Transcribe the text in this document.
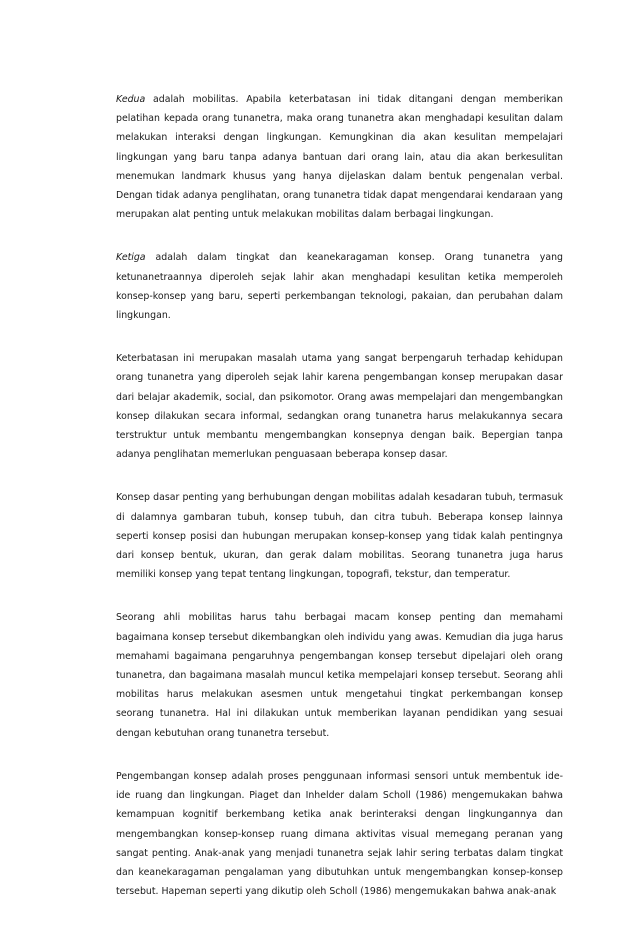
Kedua adalah mobilitas. Apabila keterbatasan ini tidak ditangani dengan memberikan pelatihan kepada orang tunanetra, maka orang tunanetra akan menghadapi kesulitan dalam melakukan interaksi dengan lingkungan. Kemungkinan dia akan kesulitan mempelajari lingkungan yang baru tanpa adanya bantuan dari orang lain, atau dia akan berkesulitan menemukan landmark khusus yang hanya dijelaskan dalam bentuk pengenalan verbal. Dengan tidak adanya penglihatan, orang tunanetra tidak dapat mengendarai kendaraan yang merupakan alat penting untuk melakukan mobilitas dalam berbagai lingkungan.

Ketiga adalah dalam tingkat dan keanekaragaman konsep. Orang tunanetra yang ketunanetraannya diperoleh sejak lahir akan menghadapi kesulitan ketika memperoleh konsep-konsep yang baru, seperti perkembangan teknologi, pakaian, dan perubahan dalam lingkungan.

Keterbatasan ini merupakan masalah utama yang sangat berpengaruh terhadap kehidupan orang tunanetra yang diperoleh sejak lahir karena pengembangan konsep merupakan dasar dari belajar akademik, social, dan psikomotor. Orang awas mempelajari dan mengembangkan konsep dilakukan secara informal, sedangkan orang tunanetra harus melakukannya secara terstruktur untuk membantu mengembangkan konsepnya dengan baik. Bepergian tanpa adanya penglihatan memerlukan penguasaan beberapa konsep dasar.

Konsep dasar penting yang berhubungan dengan mobilitas adalah kesadaran tubuh, termasuk di dalamnya gambaran tubuh, konsep tubuh, dan citra tubuh. Beberapa konsep lainnya seperti konsep posisi dan hubungan merupakan konsep-konsep yang tidak kalah pentingnya dari konsep bentuk, ukuran, dan gerak dalam mobilitas. Seorang tunanetra juga harus memiliki konsep yang tepat tentang lingkungan, topografi, tekstur, dan temperatur.

Seorang ahli mobilitas harus tahu berbagai macam konsep penting dan memahami bagaimana konsep tersebut dikembangkan oleh individu yang awas. Kemudian dia juga harus memahami bagaimana pengaruhnya pengembangan konsep tersebut dipelajari oleh orang tunanetra, dan bagaimana masalah muncul ketika mempelajari konsep tersebut. Seorang ahli mobilitas harus melakukan asesmen untuk mengetahui tingkat perkembangan konsep seorang tunanetra. Hal ini dilakukan untuk memberikan layanan pendidikan yang sesuai dengan kebutuhan orang tunanetra tersebut.

Pengembangan konsep adalah proses penggunaan informasi sensori untuk membentuk ide-ide ruang dan lingkungan. Piaget dan Inhelder dalam Scholl (1986) mengemukakan bahwa kemampuan kognitif berkembang ketika anak berinteraksi dengan lingkungannya dan mengembangkan konsep-konsep ruang dimana aktivitas visual memegang peranan yang sangat penting. Anak-anak yang menjadi tunanetra sejak lahir sering terbatas dalam tingkat dan keanekaragaman pengalaman yang dibutuhkan untuk mengembangkan konsep-konsep tersebut. Hapeman seperti yang dikutip oleh Scholl (1986) mengemukakan bahwa anak-anak
